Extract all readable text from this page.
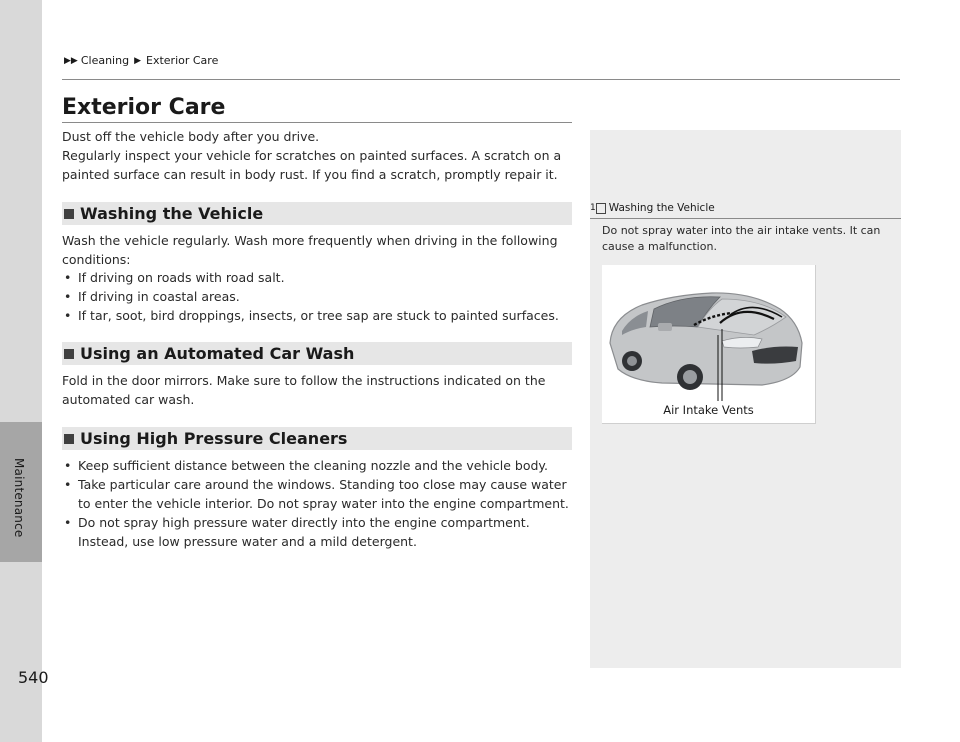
Maintenance
540
▶▶ Cleaning ▶ Exterior Care
Exterior Care

Dust off the vehicle body after you drive.

Regularly inspect your vehicle for scratches on painted surfaces. A scratch on a painted surface can result in body rust. If you find a scratch, promptly repair it.

Washing the Vehicle

Wash the vehicle regularly. Wash more frequently when driving in the following conditions:

• If driving on roads with road salt.
• If driving in coastal areas.
• If tar, soot, bird droppings, insects, or tree sap are stuck to painted surfaces.
Using an Automated Car Wash

Fold in the door mirrors. Make sure to follow the instructions indicated on the automated car wash.

Using High Pressure Cleaners
• Keep sufficient distance between the cleaning nozzle and the vehicle body.
• Take particular care around the windows. Standing too close may cause water to enter the vehicle interior. Do not spray water into the engine compartment.
• Do not spray high pressure water directly into the engine compartment. Instead, use low pressure water and a mild detergent.
1 Washing the Vehicle

Do not spray water into the air intake vents. It can cause a malfunction.

Air Intake Vents
